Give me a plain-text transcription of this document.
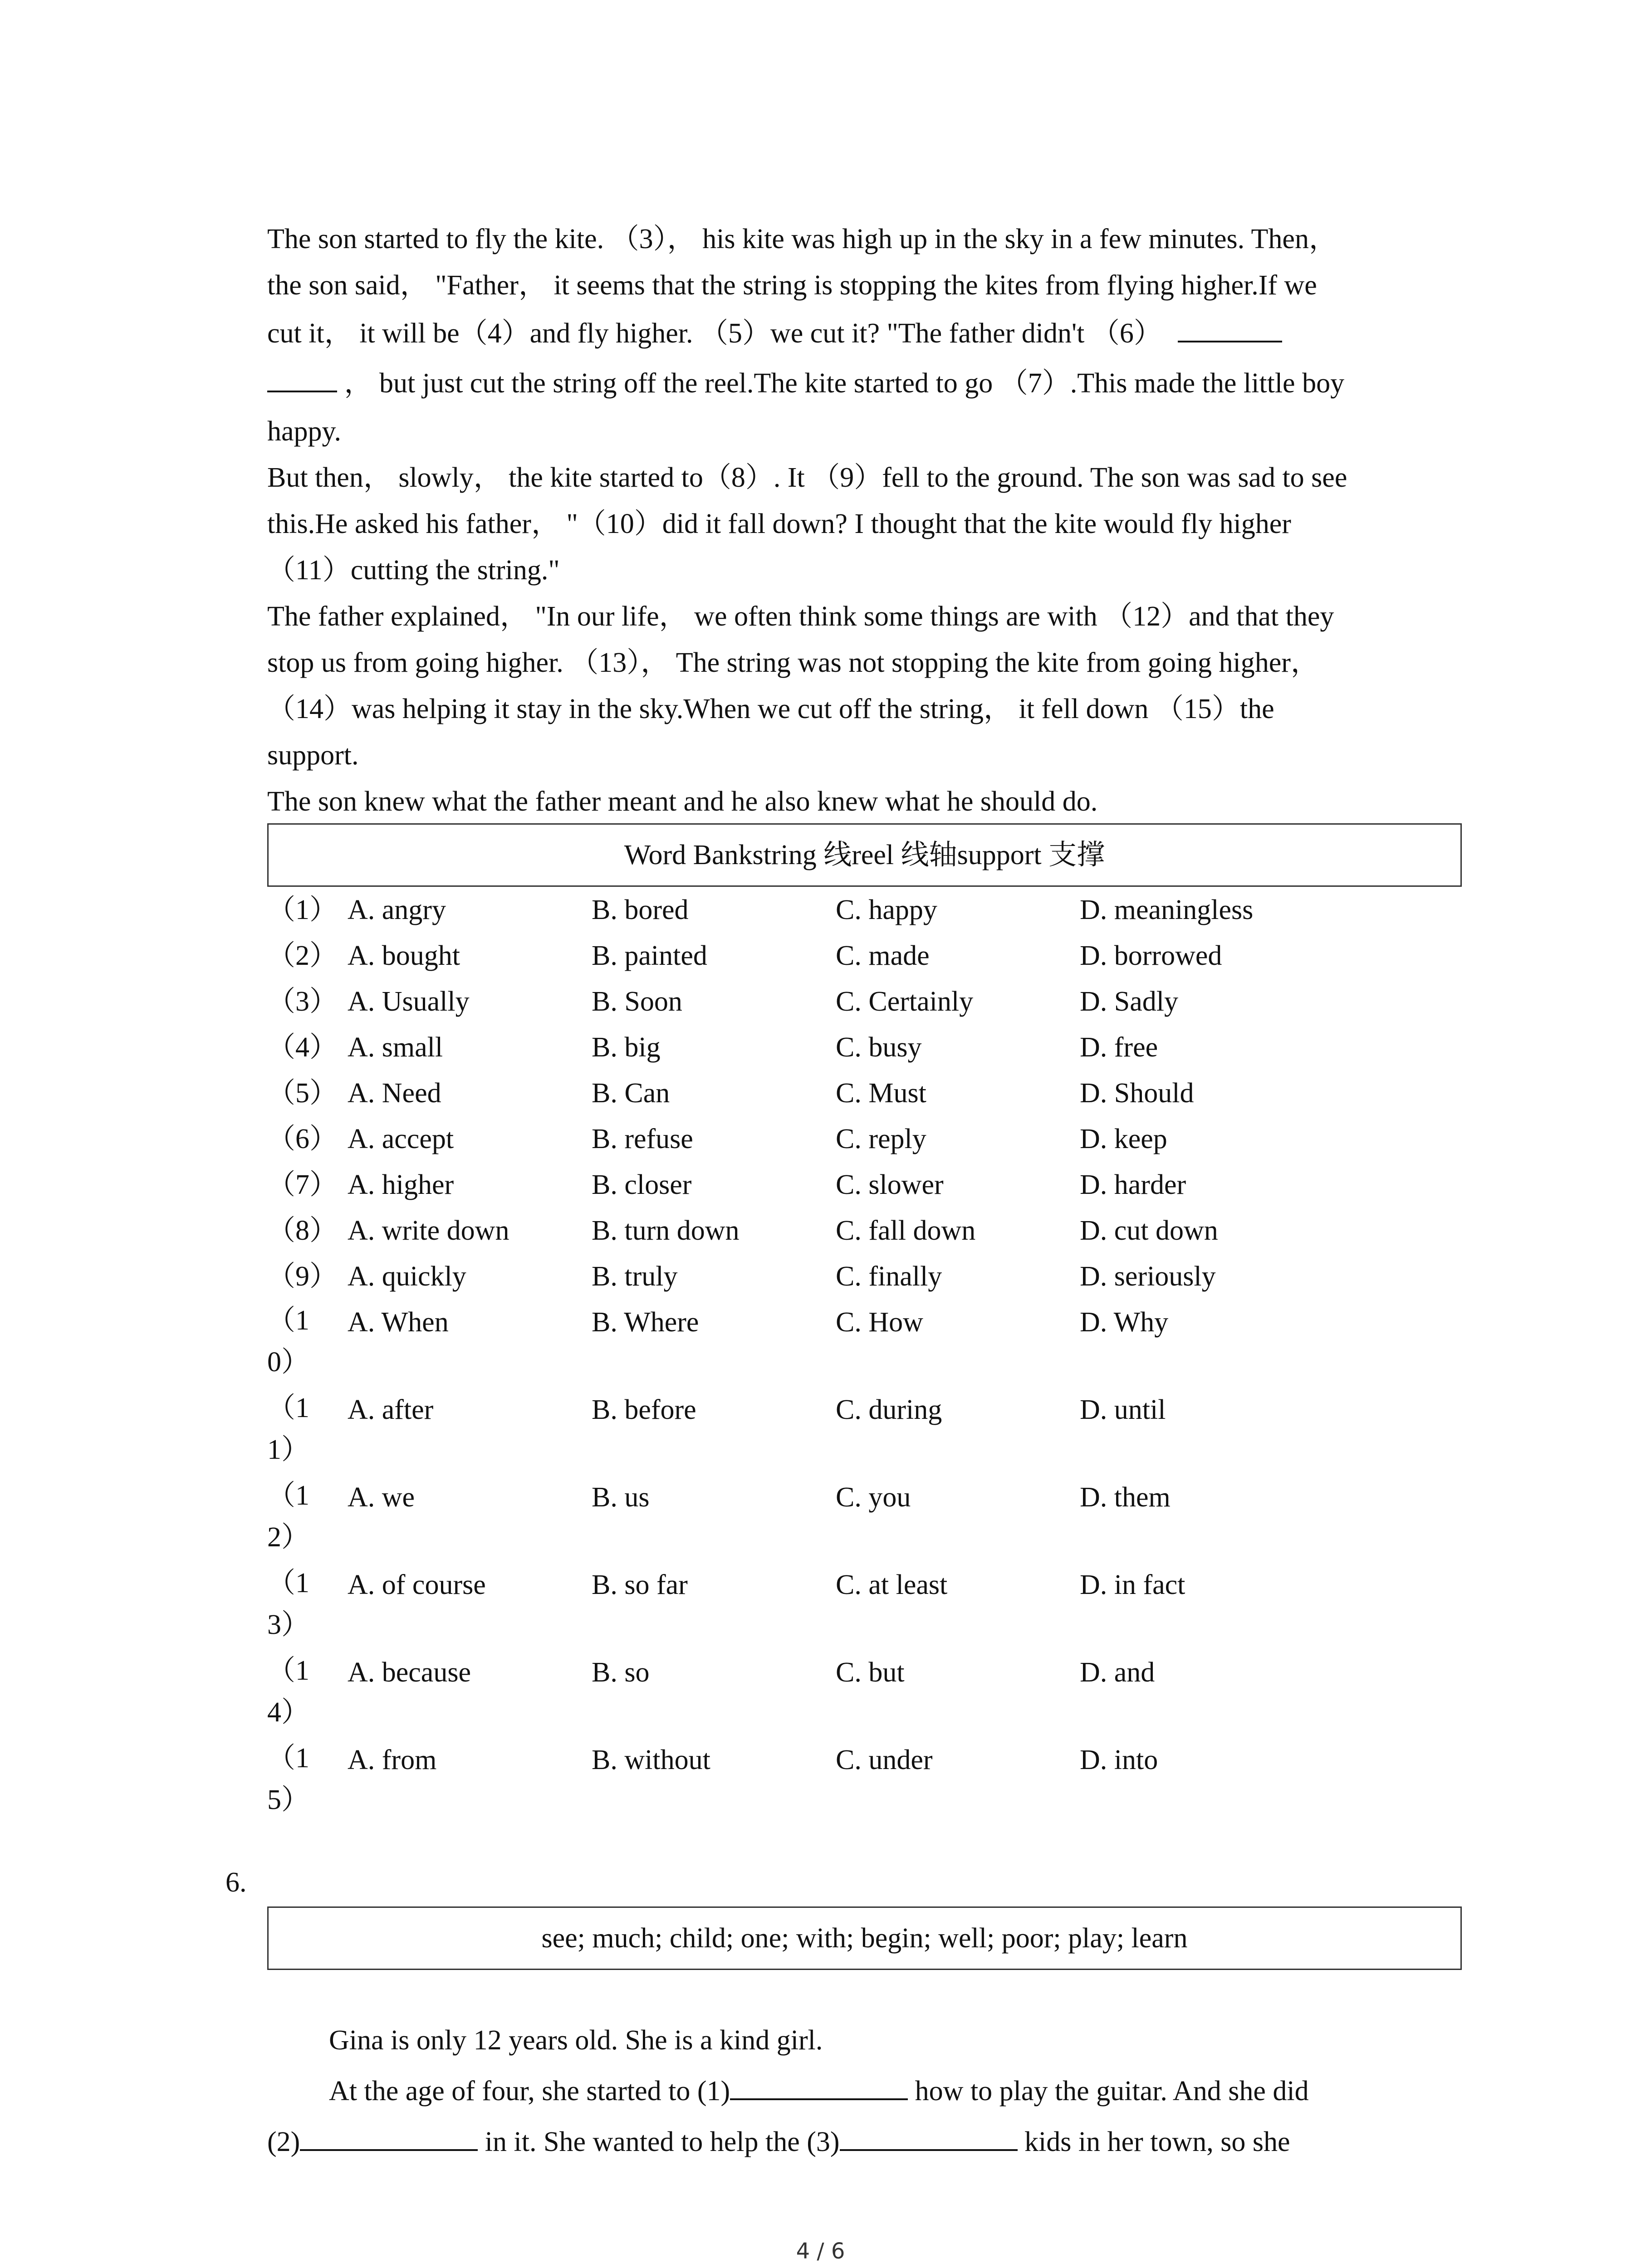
The son started to fly the kite. （3）， his kite was high up in the sky in a few minutes. Then，
the son said， "Father， it seems that the string is stopping the kites from flying higher.If we
cut it， it will be（4）and fly higher. （5）we cut it? "The father didn't （6）
， but just cut the string off the reel.The kite started to go （7）.This made the little boy
happy.
But then， slowly， the kite started to（8）. It （9）fell to the ground. The son was sad to see
this.He asked his father， "（10）did it fall down? I thought that the kite would fly higher
（11）cutting the string."
The father explained， "In our life， we often think some things are with （12）and that they
stop us from going higher. （13）， The string was not stopping the kite from going higher，
（14）was helping it stay in the sky.When we cut off the string， it fell down （15）the
support.
The son knew what the father meant and he also knew what he should do.
Word Bankstring 线reel 线轴support 支撑
（1） A. angry	B. bored	C. happy	D. meaningless
（2） A. bought	B. painted	C. made	D. borrowed
（3） A. Usually	B. Soon	C. Certainly	D. Sadly
（4） A. small	B. big	C. busy	D. free
（5） A. Need	B. Can	C. Must	D. Should
（6） A. accept	B. refuse	C. reply	D. keep
（7） A. higher	B. closer	C. slower	D. harder
（8） A. write down	B. turn down	C. fall down	D. cut down
（9） A. quickly	B. truly	C. finally	D. seriously
（10）
A. When	B. Where	C. How	D. Why
（11）
A. after	B. before	C. during	D. until
（12）
A. we	B. us	C. you	D. them
（13）
A. of course	B. so far	C. at least	D. in fact
（14）
A. because	B. so	C. but	D. and
（15）
A. from	B. without	C. under	D. into
6.
see; much; child; one; with; begin; well; poor; play; learn
Gina is only 12 years old. She is a kind girl.
At the age of four, she started to (1)	how to play the guitar. And she did
(2)	in it. She wanted to help the (3)	kids in her town, so she
4 / 6
